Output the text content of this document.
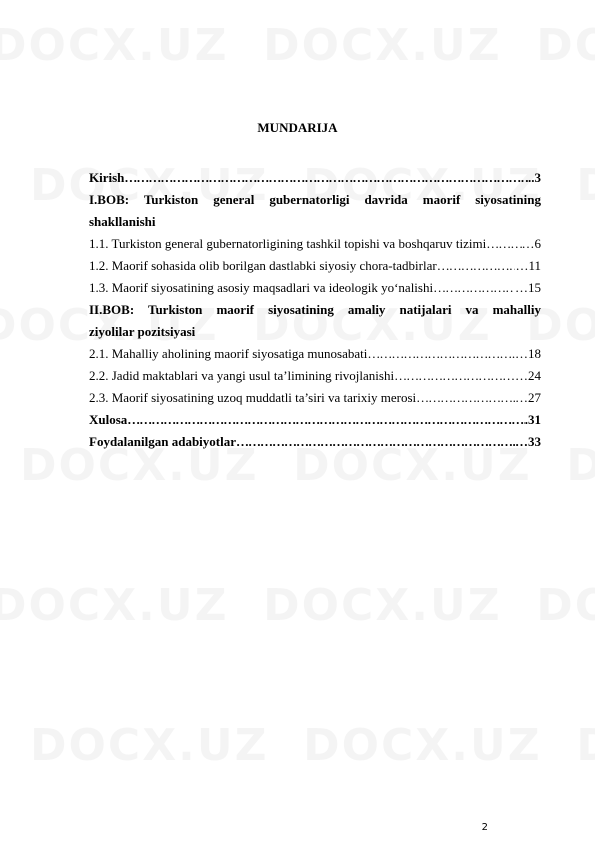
MUNDARIJA
Kirish ……………………………………………………………………………………………………………………………………………………………………	..3
I.BOB: Turkiston general gubernatorligi davrida maorif siyosatining
shakllanishi
1.1. Turkiston general gubernatorligining tashkil topishi va boshqaruv tizimi ……………………………………………………………………………………………………………………………………………………………………	…6
1.2. Maorif sohasida olib borilgan dastlabki siyosiy chora-tadbirlar ……………………………………………………………………………………………………………………………………………………………………	…11
1.3. Maorif siyosatining asosiy maqsadlari va ideologik yo‘nalishi ……………………………………………………………………………………………………………………………………………………………………	…15
II.BOB: Turkiston maorif siyosatining amaliy natijalari va mahalliy
ziyolilar pozitsiyasi
2.1. Mahalliy aholining maorif siyosatiga munosabati ……………………………………………………………………………………………………………………………………………………………………	…18
2.2. Jadid maktablari va yangi usul ta’limining rivojlanishi ……………………………………………………………………………………………………………………………………………………………………	…24
2.3. Maorif siyosatining uzoq muddatli ta’siri va tarixiy merosi ……………………………………………………………………………………………………………………………………………………………………	…27
Xulosa ……………………………………………………………………………………………………………………………………………………………………	.31
Foydalanilgan adabiyotlar ……………………………………………………………………………………………………………………………………………………………………	…33
2
